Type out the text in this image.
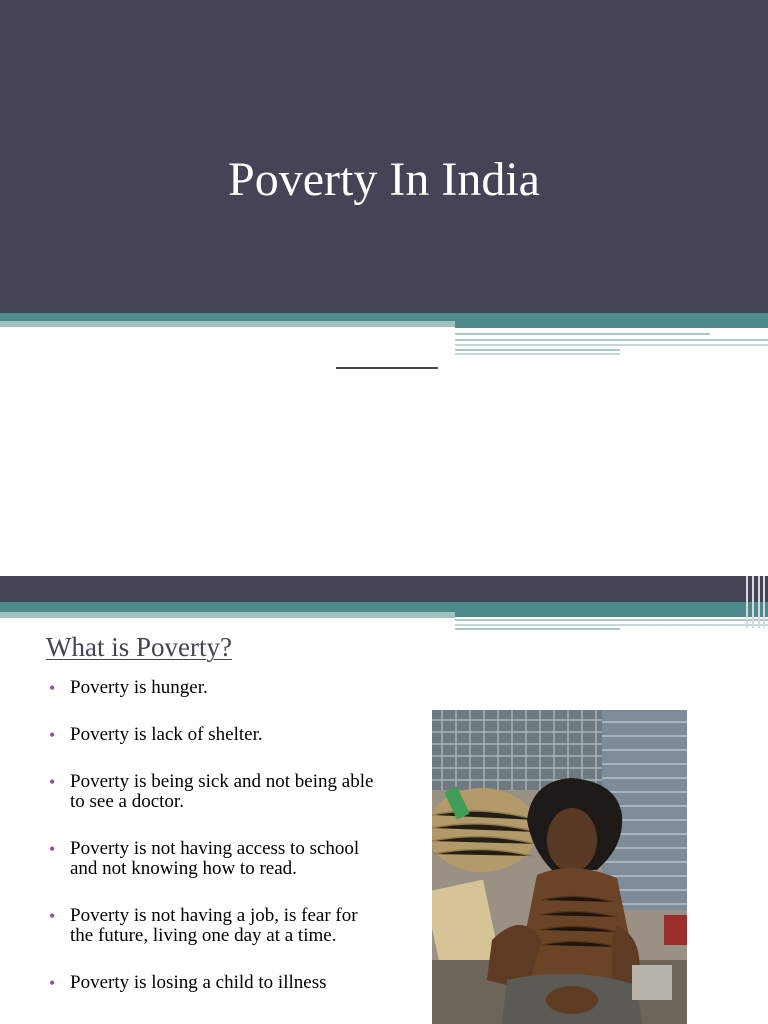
Poverty In India
What is Poverty?
• Poverty is hunger.
• Poverty is lack of shelter.
• Poverty is being sick and not being able to see a doctor.
• Poverty is not having access to school and not knowing how to read.
• Poverty is not having a job, is fear for the future, living one day at a time.
• Poverty is losing a child to illness
